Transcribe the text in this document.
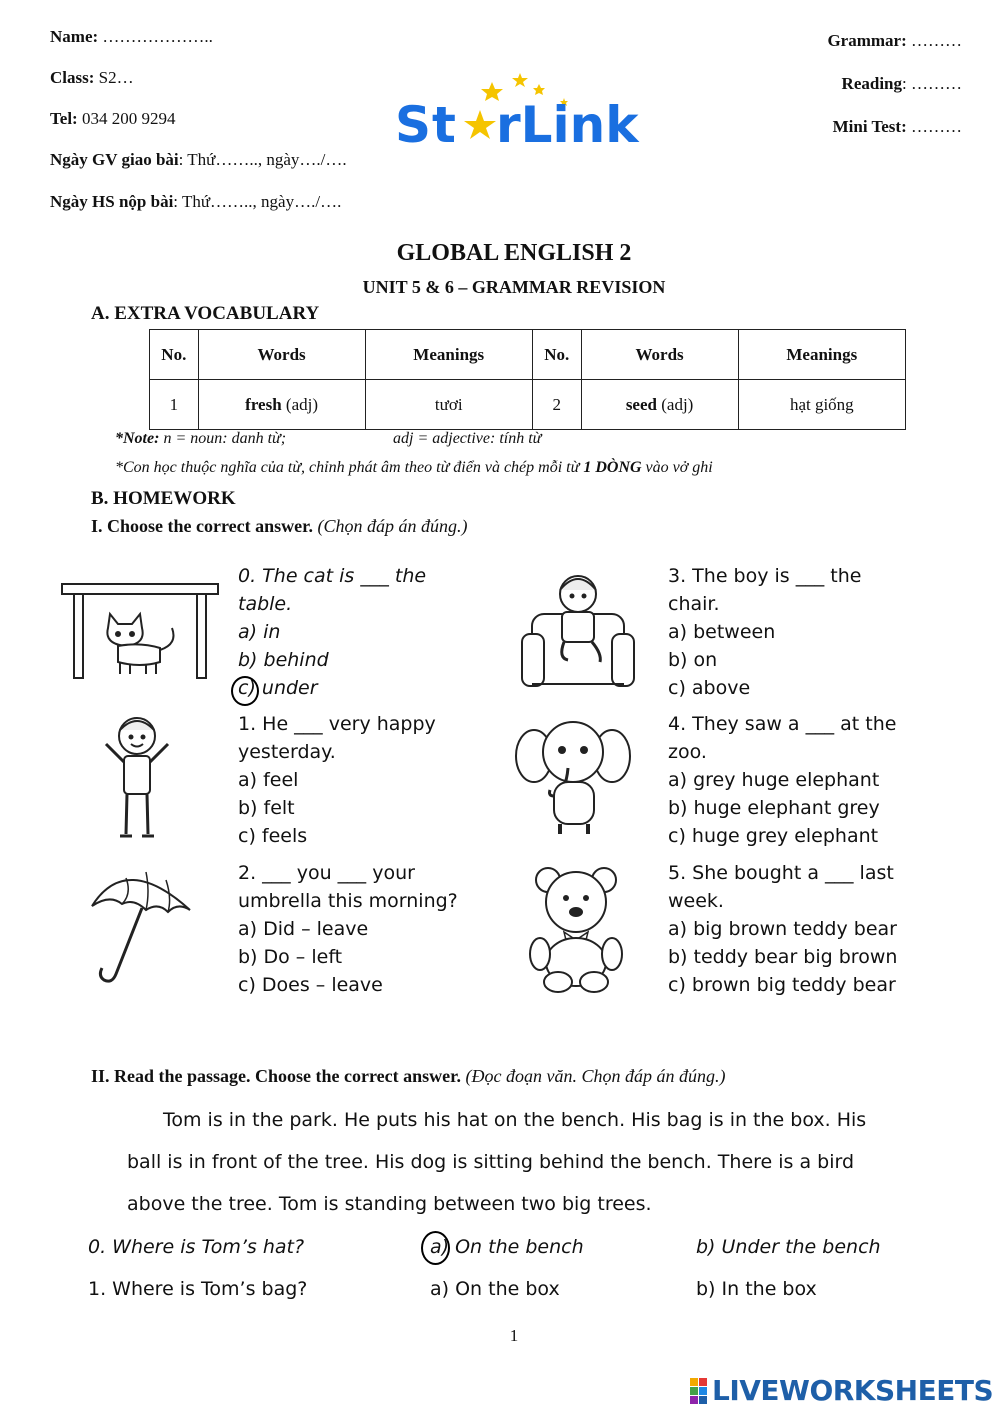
Name: ………………..
Class: S2…
Tel: 034 200 9294
Ngày GV giao bài: Thứ…….., ngày…./….
Ngày HS nộp bài: Thứ…….., ngày…./….
Grammar: ………
Reading: ………
Mini Test: ………
St rLink
GLOBAL ENGLISH 2
UNIT 5 & 6 – GRAMMAR REVISION
A. EXTRA VOCABULARY
No.	Words	Meanings	No.	Words	Meanings
1	fresh (adj)	tươi	2	seed (adj)	hạt giống
*Note: n = noun: danh từ;	adj = adjective: tính từ
*Con học thuộc nghĩa của từ, chỉnh phát âm theo từ điển và chép mỗi từ 1 DÒNG vào vở ghi
B. HOMEWORK
I. Choose the correct answer. (Chọn đáp án đúng.)
0. The cat is ___ the
table.
a) in
b) behind
c) under
1. He ___ very happy
yesterday.
a) feel
b) felt
c) feels
2. ___ you ___ your
umbrella this morning?
a) Did – leave
b) Do – left
c) Does – leave
3. The boy is ___ the
chair.
a) between
b) on
c) above
4. They saw a ___ at the
zoo.
a) grey huge elephant
b) huge elephant grey
c) huge grey elephant
5. She bought a ___ last
week.
a) big brown teddy bear
b) teddy bear big brown
c) brown big teddy bear
II. Read the passage. Choose the correct answer. (Đọc đoạn văn. Chọn đáp án đúng.)
Tom is in the park. He puts his hat on the bench. His bag is in the box. His
ball is in front of the tree. His dog is sitting behind the bench. There is a bird
above the tree. Tom is standing between two big trees.
0. Where is Tom’s hat?	a) On the bench	b) Under the bench
1. Where is Tom’s bag?	a) On the box	b) In the box
1
LIVEWORKSHEETS
